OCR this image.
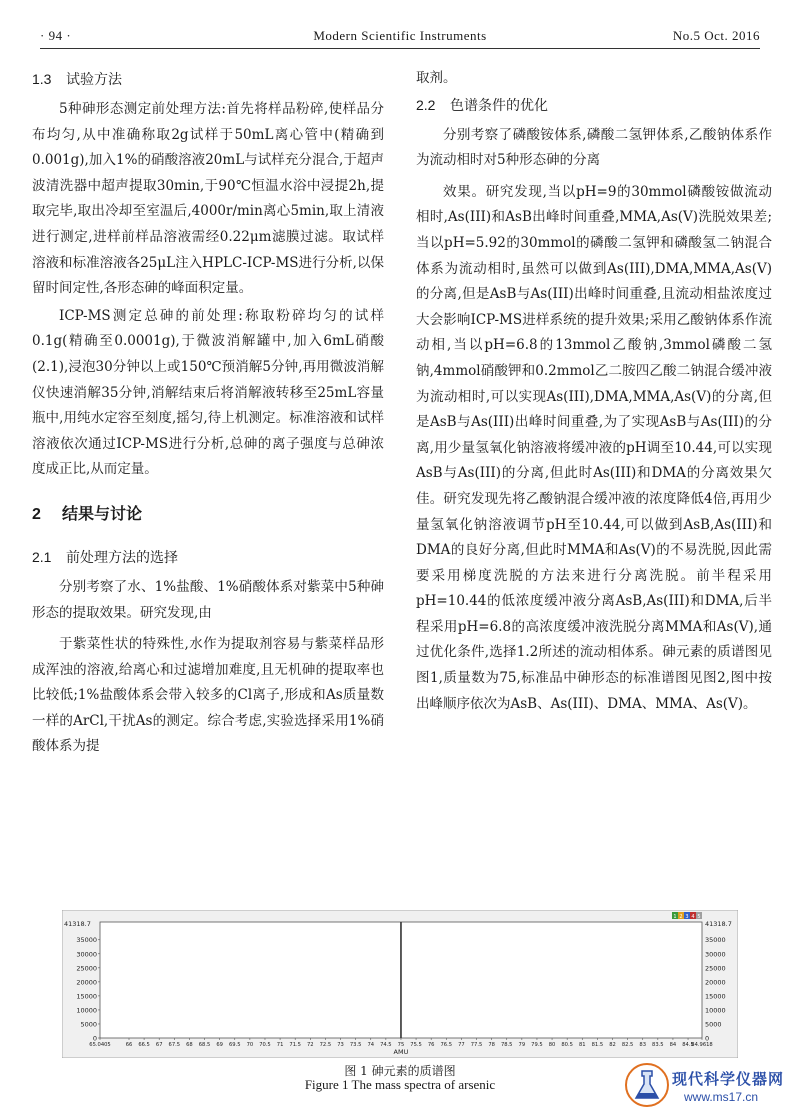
· 94 ·	Modern Scientific Instruments	No.5 Oct. 2016
1.3 试验方法

5种砷形态测定前处理方法:首先将样品粉碎,使样品分布均匀,从中准确称取2g试样于50mL离心管中(精确到0.001g),加入1%的硝酸溶液20mL与试样充分混合,于超声波清洗器中超声提取30min,于90℃恒温水浴中浸提2h,提取完毕,取出冷却至室温后,4000r/min离心5min,取上清液进行测定,进样前样品溶液需经0.22μm滤膜过滤。取试样溶液和标准溶液各25μL注入HPLC-ICP-MS进行分析,以保留时间定性,各形态砷的峰面积定量。

ICP-MS测定总砷的前处理:称取粉碎均匀的试样0.1g(精确至0.0001g),于微波消解罐中,加入6mL硝酸(2.1),浸泡30分钟以上或150℃预消解5分钟,再用微波消解仪快速消解35分钟,消解结束后将消解液转移至25mL容量瓶中,用纯水定容至刻度,摇匀,待上机测定。标准溶液和试样溶液依次通过ICP-MS进行分析,总砷的离子强度与总砷浓度成正比,从而定量。

2 结果与讨论
2.1 前处理方法的选择

分别考察了水、1%盐酸、1%硝酸体系对紫菜中5种砷形态的提取效果。研究发现,由

于紫菜性状的特殊性,水作为提取剂容易与紫菜样品形成浑浊的溶液,给离心和过滤增加难度,且无机砷的提取率也比较低;1%盐酸体系会带入较多的Cl离子,形成和As质量数一样的ArCl,干扰As的测定。综合考虑,实验选择采用1%硝酸体系为提

取剂。

2.2 色谱条件的优化

分别考察了磷酸铵体系,磷酸二氢钾体系,乙酸钠体系作为流动相时对5种形态砷的分离

效果。研究发现,当以pH=9的30mmol磷酸铵做流动相时,As(III)和AsB出峰时间重叠,MMA,As(V)洗脱效果差;当以pH=5.92的30mmol的磷酸二氢钾和磷酸氢二钠混合体系为流动相时,虽然可以做到As(III),DMA,MMA,As(V)的分离,但是AsB与As(III)出峰时间重叠,且流动相盐浓度过大会影响ICP-MS进样系统的提升效果;采用乙酸钠体系作流动相,当以pH=6.8的13mmol乙酸钠,3mmol磷酸二氢钠,4mmol硝酸钾和0.2mmol乙二胺四乙酸二钠混合缓冲液为流动相时,可以实现As(III),DMA,MMA,As(V)的分离,但是AsB与As(III)出峰时间重叠,为了实现AsB与As(III)的分离,用少量氢氧化钠溶液将缓冲液的pH调至10.44,可以实现AsB与As(III)的分离,但此时As(III)和DMA的分离效果欠佳。研究发现先将乙酸钠混合缓冲液的浓度降低4倍,再用少量氢氧化钠溶液调节pH至10.44,可以做到AsB,As(III)和DMA的良好分离,但此时MMA和As(V)的不易洗脱,因此需要采用梯度洗脱的方法来进行分离洗脱。前半程采用pH=10.44的低浓度缓冲液分离AsB,As(III)和DMA,后半程采用pH=6.8的高浓度缓冲液洗脱分离MMA和As(V),通过优化条件,选择1.2所述的流动相体系。砷元素的质谱图见图1,质量数为75,标准品中砷形态的标准谱图见图2,图中按出峰顺序依次为AsB、As(III)、DMA、MMA、As(V)。

41318.7	41318.7
35000	35000
30000	30000
25000	25000
20000	20000
15000	15000
10000	10000
5000	5000
0	0
65.0405	66 66.5 67 67.5 68 68.5 69 69.5 70 70.5 71 71.5 72 72.5 73 73.5 74 74.5 75 75.5 76 76.5 77 77.5 78 78.5 79 79.5 80 80.5 81 81.5 82 82.5 83 83.5 84 84.5
84.9618
AMU
1 2 3 4 5
图 1 砷元素的质谱图
Figure 1 The mass spectra of arsenic	现代科学仪器网
www.ms17.cn
